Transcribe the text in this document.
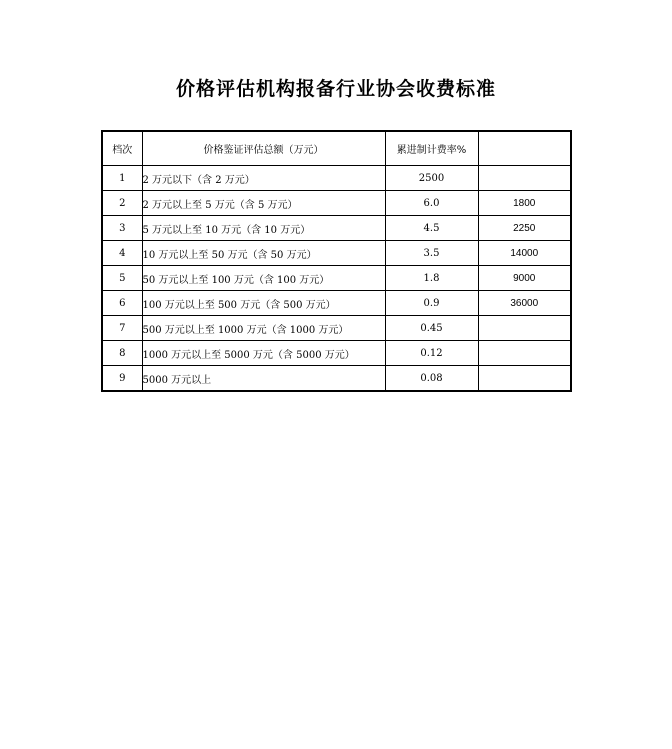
价格评估机构报备行业协会收费标准
档次	价格鉴证评估总额（万元）	累进制计费率%	
1	2 万元以下（含 2 万元）	2500	
2	2 万元以上至 5 万元（含 5 万元）	6.0	1800
3	5 万元以上至 10 万元（含 10 万元）	4.5	2250
4	10 万元以上至 50 万元（含 50 万元）	3.5	14000
5	50 万元以上至 100 万元（含 100 万元）	1.8	9000
6	100 万元以上至 500 万元（含 500 万元）	0.9	36000
7	500 万元以上至 1000 万元（含 1000 万元）	0.45	
8	1000 万元以上至 5000 万元（含 5000 万元）	0.12	
9	5000 万元以上	0.08	
